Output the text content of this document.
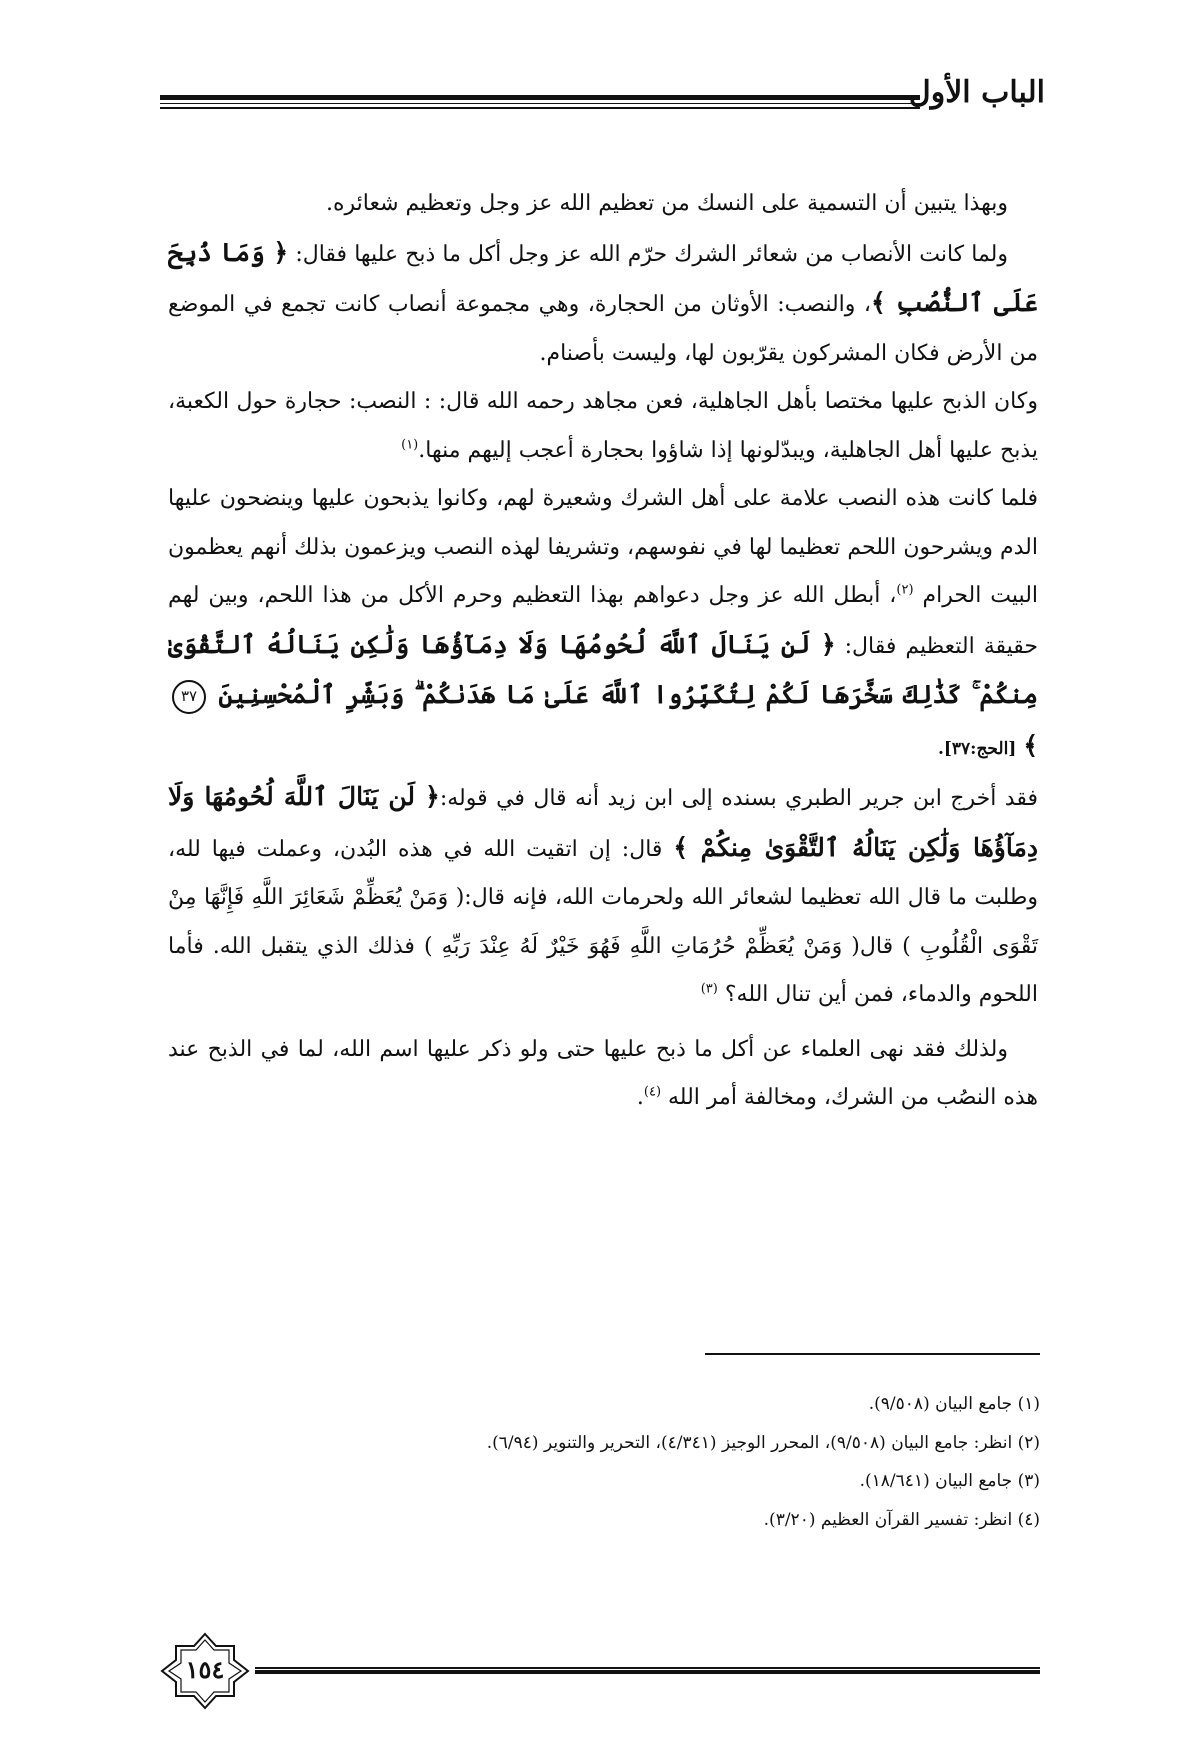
الباب الأول

وبهذا يتبين أن التسمية على النسك من تعظيم الله عز وجل وتعظيم شعائره.

ولما كانت الأنصاب من شعائر الشرك حرّم الله عز وجل أكل ما ذبح عليها فقال: ﴿ وَمَا ذُبِحَ عَلَى ٱلنُّصُبِ ﴾، والنصب: الأوثان من الحجارة، وهي مجموعة أنصاب كانت تجمع في الموضع من الأرض فكان المشركون يقرّبون لها، وليست بأصنام.

وكان الذبح عليها مختصا بأهل الجاهلية، فعن مجاهد رحمه الله قال: : النصب: حجارة حول الكعبة، يذبح عليها أهل الجاهلية، ويبدّلونها إذا شاؤوا بحجارة أعجب إليهم منها.$^{(١)}$

فلما كانت هذه النصب علامة على أهل الشرك وشعيرة لهم، وكانوا يذبحون عليها وينضحون عليها الدم ويشرحون اللحم تعظيما لها في نفوسهم، وتشريفا لهذه النصب ويزعمون بذلك أنهم يعظمون البيت الحرام $^{(٢)}$، أبطل الله عز وجل دعواهم بهذا التعظيم وحرم الأكل من هذا اللحم، وبين لهم حقيقة التعظيم فقال: ﴿ لَن يَنَالَ ٱللَّهَ لُحُومُهَا وَلَا دِمَآؤُهَا وَلَٰكِن يَنَالُهُ ٱلتَّقْوَىٰ مِنكُمْ ۚ كَذَٰلِكَ سَخَّرَهَا لَكُمْ لِتُكَبِّرُوا ٱللَّهَ عَلَىٰ مَا هَدَىٰكُمْ ۗ وَبَشِّرِ ٱلْمُحْسِنِينَ ٣٧ ﴾ [الحج:٣٧].

فقد أخرج ابن جرير الطبري بسنده إلى ابن زيد أنه قال في قوله:﴿ لَن يَنَالَ ٱللَّهَ لُحُومُهَا وَلَا دِمَآؤُهَا وَلَٰكِن يَنَالُهُ ٱلتَّقْوَىٰ مِنكُمْ ﴾ قال: إن اتقيت الله في هذه البُدن، وعملت فيها لله، وطلبت ما قال الله تعظيما لشعائر الله ولحرمات الله، فإنه قال:( وَمَنْ يُعَظِّمْ شَعَائِرَ اللَّهِ فَإِنَّهَا مِنْ تَقْوَى الْقُلُوبِ ) قال( وَمَنْ يُعَظِّمْ حُرُمَاتِ اللَّهِ فَهُوَ خَيْرٌ لَهُ عِنْدَ رَبِّهِ ) فذلك الذي يتقبل الله. فأما اللحوم والدماء، فمن أين تنال الله؟ $^{(٣)}$

ولذلك فقد نهى العلماء عن أكل ما ذبح عليها حتى ولو ذكر عليها اسم الله، لما في الذبح عند هذه النصُب من الشرك، ومخالفة أمر الله $^{(٤)}$.

(١) جامع البيان (٩/٥٠٨).
(٢) انظر: جامع البيان (٩/٥٠٨)، المحرر الوجيز (٤/٣٤١)، التحرير والتنوير (٦/٩٤).
(٣) جامع البيان (١٨/٦٤١).
(٤) انظر: تفسير القرآن العظيم (٣/٢٠).
١٥٤
